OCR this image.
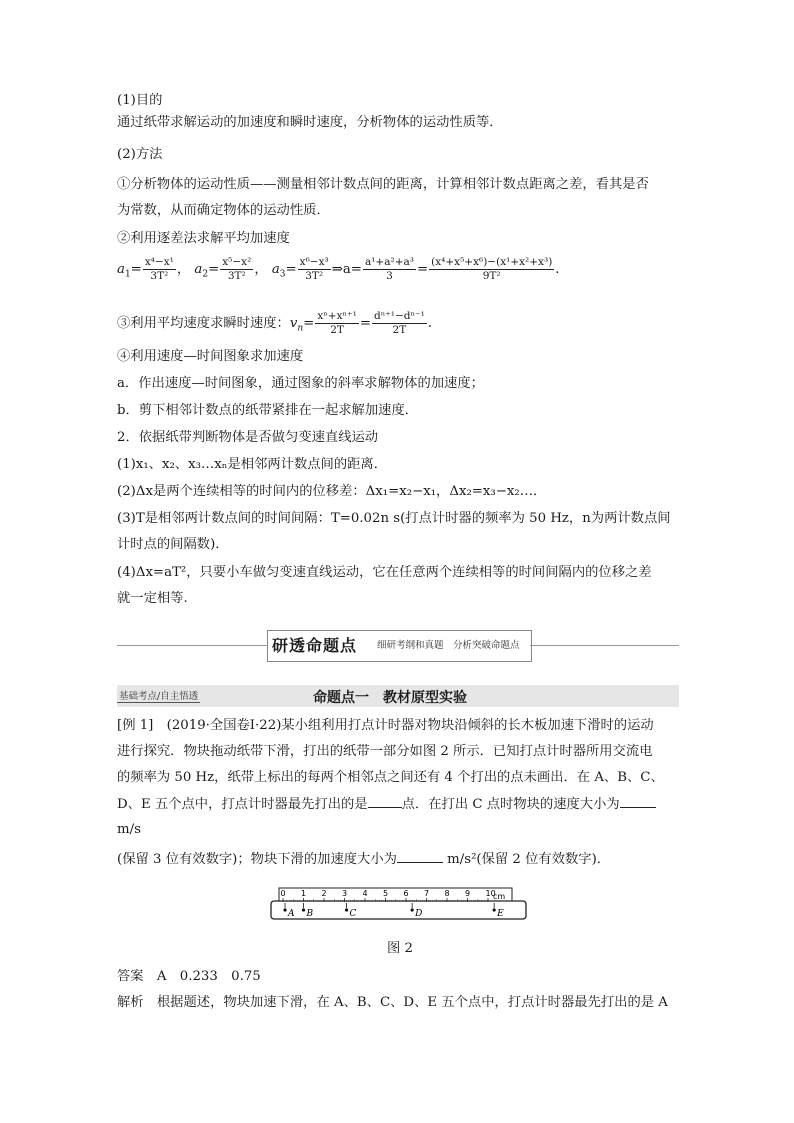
(1)目的
通过纸带求解运动的加速度和瞬时速度，分析物体的运动性质等．
(2)方法
①分析物体的运动性质——测量相邻计数点间的距离，计算相邻计数点距离之差，看其是否
为常数，从而确定物体的运动性质．
②利用逐差法求解平均加速度
$a_1= \frac{\text{x⁴−x¹}}{\text{3T²}}$ ， $a_2= \frac{\text{x⁵−x²}}{\text{3T²}}$ ， $a_3= \frac{\text{x⁶−x³}}{\text{3T²}}$ ⇒a= $\frac{\text{a¹+a²+a³}}{3} = \frac{\text{(x⁴+x⁵+x⁶)−(x¹+x²+x³)}}{\text{9T²}}$ .
③利用平均速度求瞬时速度：$v_n= \frac{\text{xⁿ+xⁿ⁺¹}}{2T} = \frac{\text{dⁿ⁺¹−dⁿ⁻¹}}{2T}$ .
④利用速度—时间图象求加速度
a．作出速度—时间图象，通过图象的斜率求解物体的加速度；
b．剪下相邻计数点的纸带紧排在一起求解加速度．
2．依据纸带判断物体是否做匀变速直线运动
(1)x₁、x₂、x₃…xₙ是相邻两计数点间的距离．
(2)Δx是两个连续相等的时间内的位移差：Δx₁=x₂−x₁，Δx₂=x₃−x₂…．
(3)T是相邻两计数点间的时间间隔：T=0.02n s(打点计时器的频率为 50 Hz，n为两计数点间
计时点的间隔数)．
(4)Δx=aT²，只要小车做匀变速直线运动，它在任意两个连续相等的时间间隔内的位移之差
就一定相等.
研透命题点 细研考纲和真题　分析突破命题点
基础考点/自主悟透	命题点一　教材原型实验
[例 1]　(2019·全国卷Ⅰ·22)某小组利用打点计时器对物块沿倾斜的长木板加速下滑时的运动
进行探究．物块拖动纸带下滑，打出的纸带一部分如图 2 所示．已知打点计时器所用交流电
的频率为 50 Hz，纸带上标出的每两个相邻点之间还有 4 个打出的点未画出．在 A、B、C、
D、E 五个点中，打点计时器最先打出的是	点．在打出 C 点时物块的速度大小为
m/s
(保留 3 位有效数字)；物块下滑的加速度大小为	m/s²(保留 2 位有效数字)．
0 1 2 3 4 5 6 7 8 9 10
cm
A B	C	D	E
图 2
答案　 A　0.233　0.75
解析　 根据题述，物块加速下滑，在 A、B、C、D、E 五个点中，打点计时器最先打出的是 A
